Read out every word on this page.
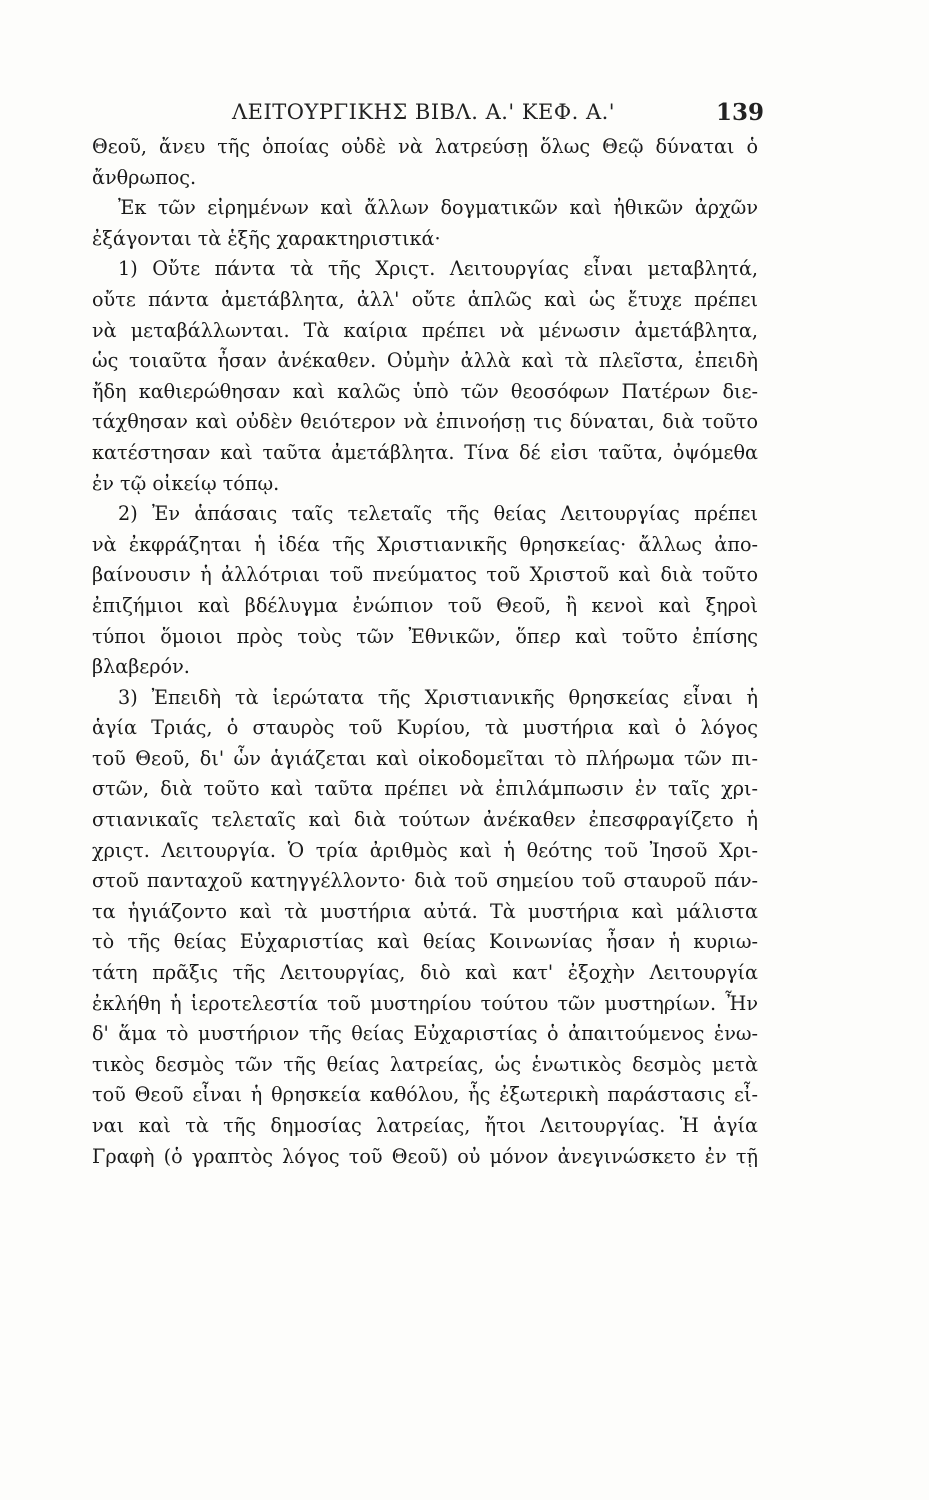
ΛΕΙΤΟΥΡΓΙΚΗΣ ΒΙΒΛ. Α.' ΚΕΦ. Α.'	139
Θεοῦ, ἄνευ τῆς ὁποίας οὐδὲ νὰ λατρεύσῃ ὅλως Θεῷ δύναται ὁ
ἄνθρωπος.
Ἐκ τῶν εἰρημένων καὶ ἄλλων δογματικῶν καὶ ἠθικῶν ἀρχῶν
ἐξάγονται τὰ ἑξῆς χαρακτηριστικά·
1) Οὔτε πάντα τὰ τῆς Χριςτ. Λειτουργίας εἶναι μεταβλητά,
οὔτε πάντα ἀμετάβλητα, ἀλλ' οὔτε ἁπλῶς καὶ ὡς ἔτυχε πρέπει
νὰ μεταβάλλωνται. Τὰ καίρια πρέπει νὰ μένωσιν ἀμετάβλητα,
ὡς τοιαῦτα ἦσαν ἀνέκαθεν. Οὐμὴν ἀλλὰ καὶ τὰ πλεῖστα, ἐπειδὴ
ἤδη καθιερώθησαν καὶ καλῶς ὑπὸ τῶν θεοσόφων Πατέρων διε-
τάχθησαν καὶ οὐδὲν θειότερον νὰ ἐπινοήσῃ τις δύναται, διὰ τοῦτο
κατέστησαν καὶ ταῦτα ἀμετάβλητα. Τίνα δέ εἰσι ταῦτα, ὀψόμεθα
ἐν τῷ οἰκείῳ τόπῳ.
2) Ἐν ἁπάσαις ταῖς τελεταῖς τῆς θείας Λειτουργίας πρέπει
νὰ ἐκφράζηται ἡ ἰδέα τῆς Χριστιανικῆς θρησκείας· ἄλλως ἀπο-
βαίνουσιν ἡ ἀλλότριαι τοῦ πνεύματος τοῦ Χριστοῦ καὶ διὰ τοῦτο
ἐπιζήμιοι καὶ βδέλυγμα ἐνώπιον τοῦ Θεοῦ, ἢ κενοὶ καὶ ξηροὶ
τύποι ὅμοιοι πρὸς τοὺς τῶν Ἐθνικῶν, ὅπερ καὶ τοῦτο ἐπίσης
βλαβερόν.
3) Ἐπειδὴ τὰ ἱερώτατα τῆς Χριστιανικῆς θρησκείας εἶναι ἡ
ἁγία Τριάς, ὁ σταυρὸς τοῦ Κυρίου, τὰ μυστήρια καὶ ὁ λόγος
τοῦ Θεοῦ, δι' ὧν ἁγιάζεται καὶ οἰκοδομεῖται τὸ πλήρωμα τῶν πι-
στῶν, διὰ τοῦτο καὶ ταῦτα πρέπει νὰ ἐπιλάμπωσιν ἐν ταῖς χρι-
στιανικαῖς τελεταῖς καὶ διὰ τούτων ἀνέκαθεν ἐπεσφραγίζετο ἡ
χριςτ. Λειτουργία. Ὁ τρία ἀριθμὸς καὶ ἡ θεότης τοῦ Ἰησοῦ Χρι-
στοῦ πανταχοῦ κατηγγέλλοντο· διὰ τοῦ σημείου τοῦ σταυροῦ πάν-
τα ἡγιάζοντο καὶ τὰ μυστήρια αὐτά. Τὰ μυστήρια καὶ μάλιστα
τὸ τῆς θείας Εὐχαριστίας καὶ θείας Κοινωνίας ἦσαν ἡ κυριω-
τάτη πρᾶξις τῆς Λειτουργίας, διὸ καὶ κατ' ἐξοχὴν Λειτουργία
ἐκλήθη ἡ ἱεροτελεστία τοῦ μυστηρίου τούτου τῶν μυστηρίων. Ἦν
δ' ἅμα τὸ μυστήριον τῆς θείας Εὐχαριστίας ὁ ἀπαιτούμενος ἑνω-
τικὸς δεσμὸς τῶν τῆς θείας λατρείας, ὡς ἑνωτικὸς δεσμὸς μετὰ
τοῦ Θεοῦ εἶναι ἡ θρησκεία καθόλου, ἧς ἐξωτερικὴ παράστασις εἶ-
ναι καὶ τὰ τῆς δημοσίας λατρείας, ἤτοι Λειτουργίας. Ἡ ἁγία
Γραφὴ (ὁ γραπτὸς λόγος τοῦ Θεοῦ) οὐ μόνον ἀνεγινώσκετο ἐν τῇ
